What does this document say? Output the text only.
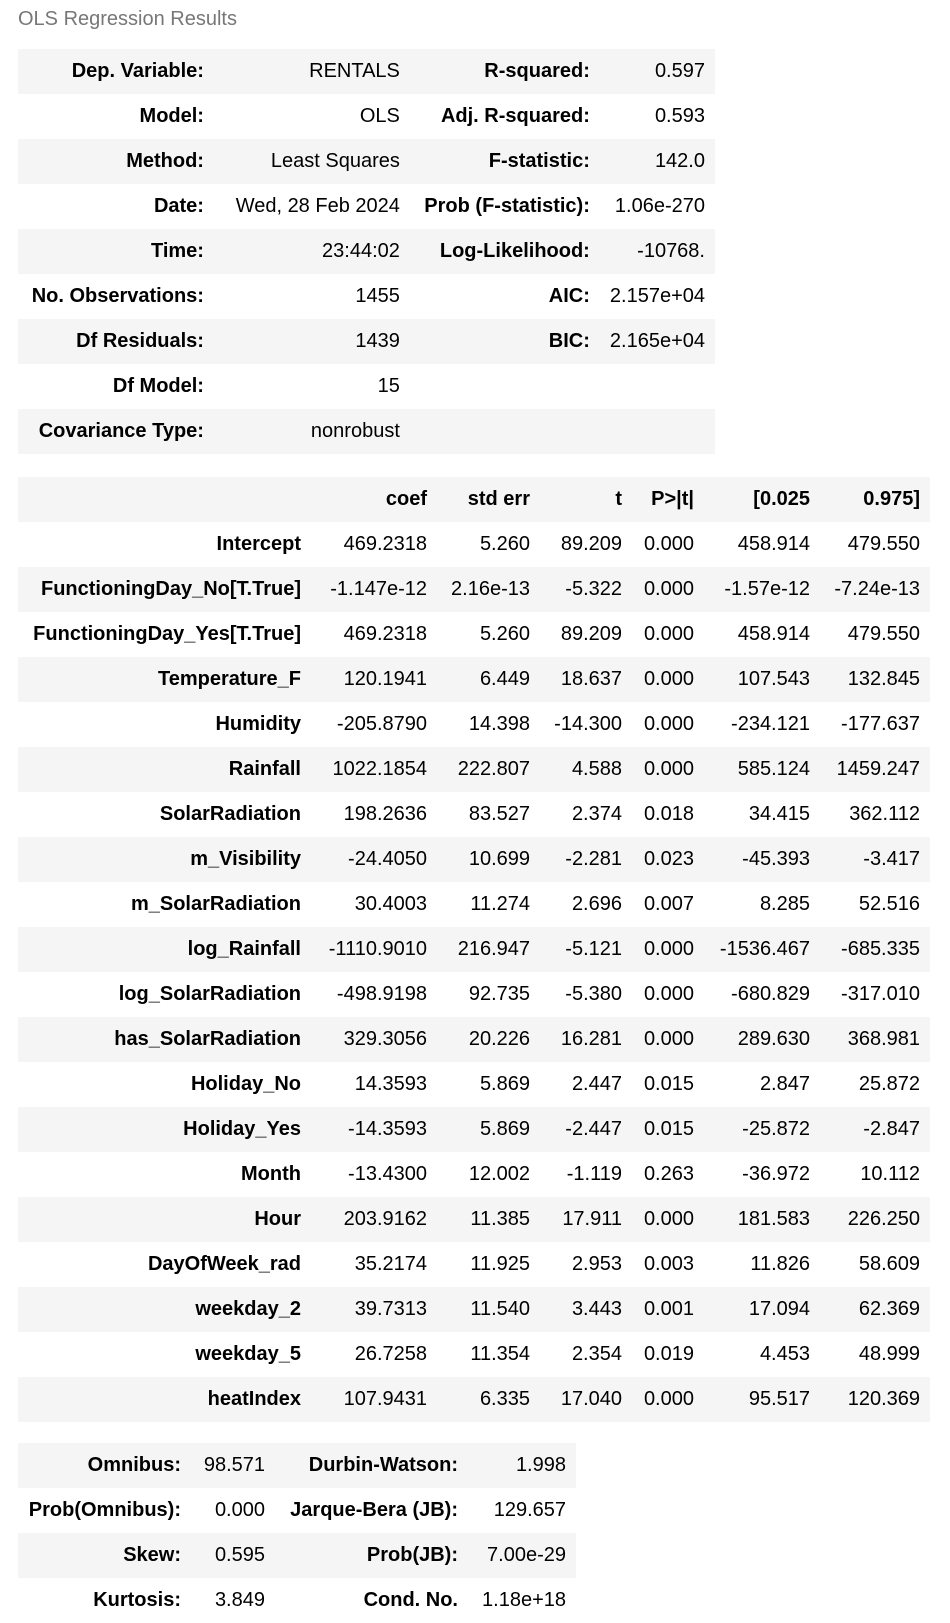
OLS Regression Results
Dep. Variable:	RENTALS	R-squared:	0.597
Model:	OLS	Adj. R-squared:	0.593
Method:	Least Squares	F-statistic:	142.0
Date:	Wed, 28 Feb 2024	Prob (F-statistic):	1.06e-270
Time:	23:44:02	Log-Likelihood:	-10768.
No. Observations:	1455	AIC:	2.157e+04
Df Residuals:	1439	BIC:	2.165e+04
Df Model:	15		
Covariance Type:	nonrobust		
	coef	std err	t	P>|t|	[0.025	0.975]
Intercept	469.2318	5.260	89.209	0.000	458.914	479.550
FunctioningDay_No[T.True]	-1.147e-12	2.16e-13	-5.322	0.000	-1.57e-12	-7.24e-13
FunctioningDay_Yes[T.True]	469.2318	5.260	89.209	0.000	458.914	479.550
Temperature_F	120.1941	6.449	18.637	0.000	107.543	132.845
Humidity	-205.8790	14.398	-14.300	0.000	-234.121	-177.637
Rainfall	1022.1854	222.807	4.588	0.000	585.124	1459.247
SolarRadiation	198.2636	83.527	2.374	0.018	34.415	362.112
m_Visibility	-24.4050	10.699	-2.281	0.023	-45.393	-3.417
m_SolarRadiation	30.4003	11.274	2.696	0.007	8.285	52.516
log_Rainfall	-1110.9010	216.947	-5.121	0.000	-1536.467	-685.335
log_SolarRadiation	-498.9198	92.735	-5.380	0.000	-680.829	-317.010
has_SolarRadiation	329.3056	20.226	16.281	0.000	289.630	368.981
Holiday_No	14.3593	5.869	2.447	0.015	2.847	25.872
Holiday_Yes	-14.3593	5.869	-2.447	0.015	-25.872	-2.847
Month	-13.4300	12.002	-1.119	0.263	-36.972	10.112
Hour	203.9162	11.385	17.911	0.000	181.583	226.250
DayOfWeek_rad	35.2174	11.925	2.953	0.003	11.826	58.609
weekday_2	39.7313	11.540	3.443	0.001	17.094	62.369
weekday_5	26.7258	11.354	2.354	0.019	4.453	48.999
heatIndex	107.9431	6.335	17.040	0.000	95.517	120.369
Omnibus:	98.571	Durbin-Watson:	1.998
Prob(Omnibus):	0.000	Jarque-Bera (JB):	129.657
Skew:	0.595	Prob(JB):	7.00e-29
Kurtosis:	3.849	Cond. No.	1.18e+18
